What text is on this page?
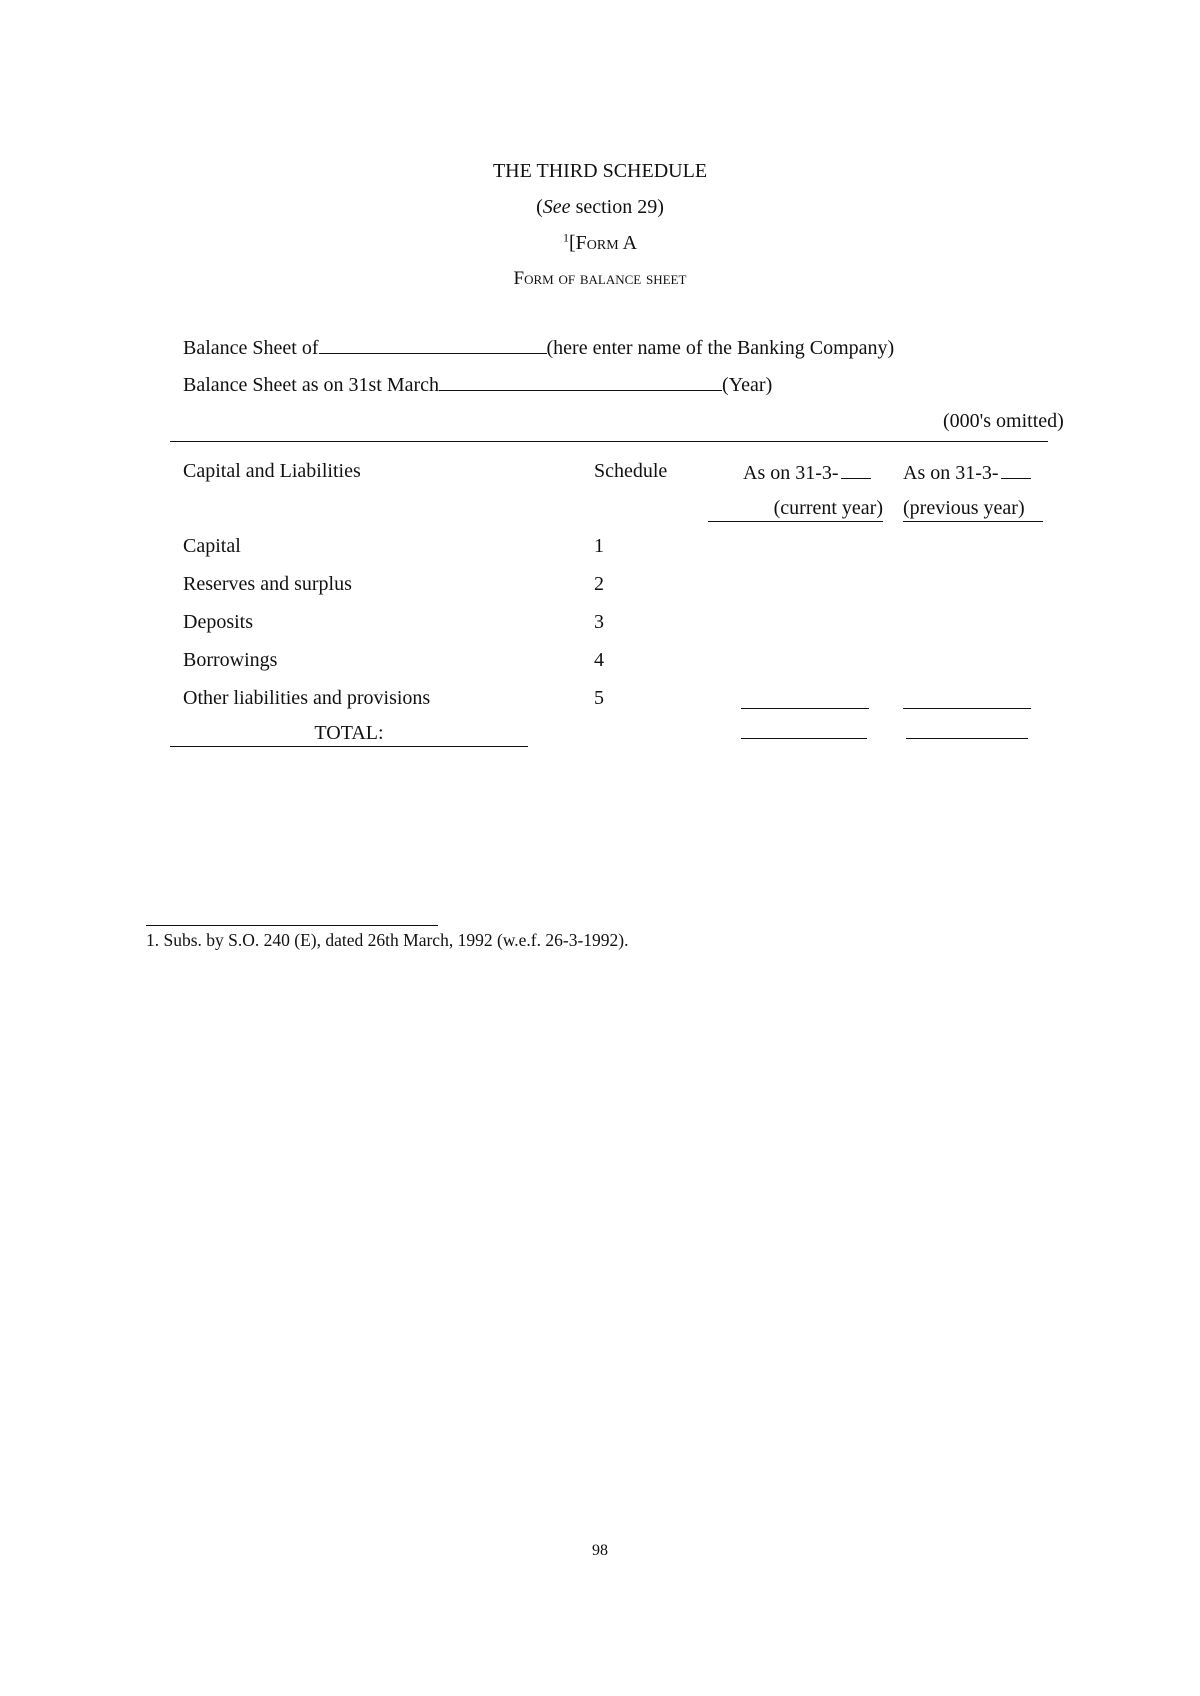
THE THIRD SCHEDULE
(See section 29)
$^1$[Form A
Form of balance sheet
Balance Sheet of	(here enter name of the Banking Company)
Balance Sheet as on 31st March	(Year)
(000's omitted)
Capital and Liabilities	Schedule	As on 31-3-	As on 31-3-
(current year) (previous year)
Capital	1
Reserves and surplus	2
Deposits	3
Borrowings	4
Other liabilities and provisions	5
TOTAL:
1. Subs. by S.O. 240 (E), dated 26th March, 1992 (w.e.f. 26-3-1992).
98
